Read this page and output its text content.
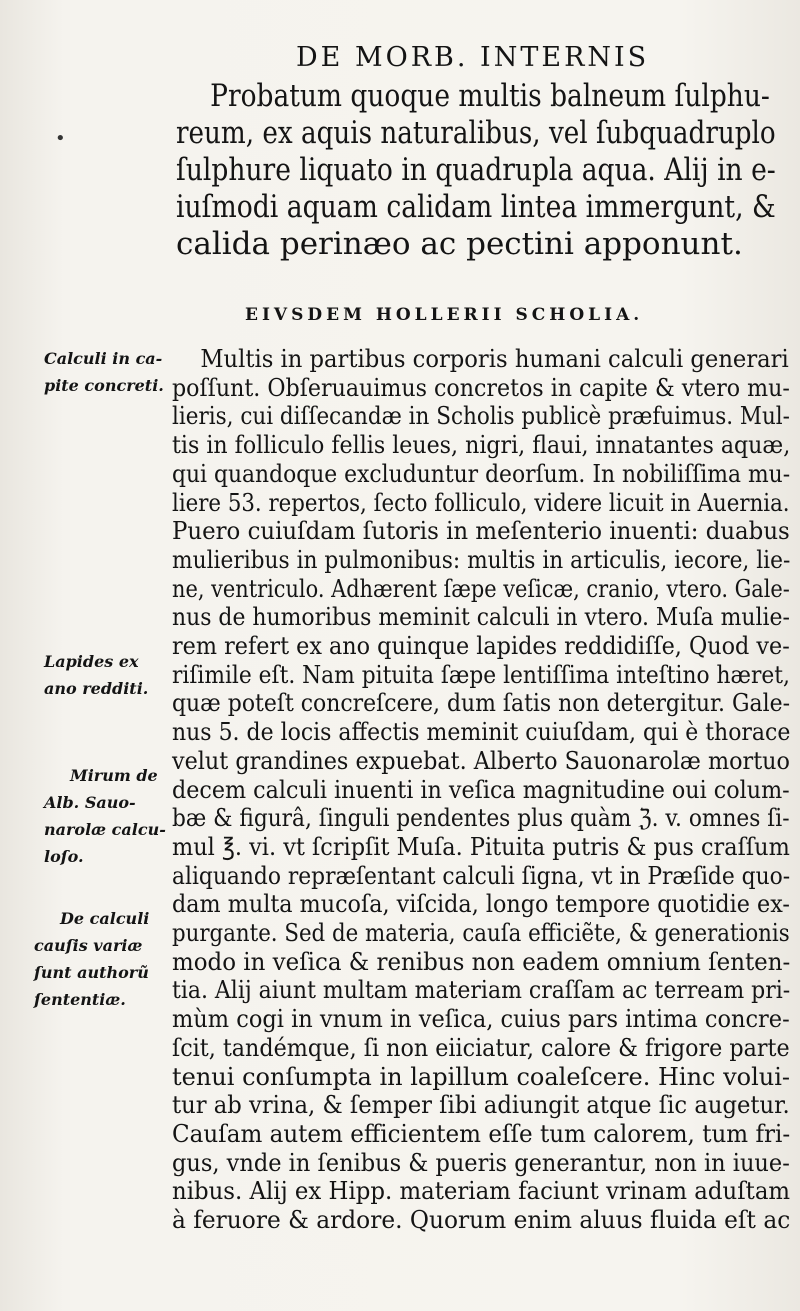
DE MORB. INTERNIS
•
Probatum quoque multis balneum ſulphu-
reum, ex aquis naturalibus, vel ſubquadruplo
ſulphure liquato in quadrupla aqua. Alij in e-
iuſmodi aquam calidam lintea immergunt, &
calida perinæo ac pectini apponunt.
EIVSDEM HOLLERII SCHOLIA.
Calculi in ca-
pite concreti.
Lapides ex
ano redditi.
Mirum de
Alb. Sauo-
narolæ calcu-
loſo.
De calculi
cauſis variæ
ſunt authorũ
ſententiæ.
Multis in partibus corporis humani calculi generari
poſſunt. Obſeruauimus concretos in capite & vtero mu-
lieris, cui diſſecandæ in Scholis publicè præfuimus. Mul-
tis in folliculo fellis leues, nigri, flaui, innatantes aquæ,
qui quandoque excluduntur deorſum. In nobiliſſima mu-
liere 53. repertos, ſecto folliculo, videre licuit in Auernia.
Puero cuiuſdam ſutoris in meſenterio inuenti: duabus
mulieribus in pulmonibus: multis in articulis, iecore, lie-
ne, ventriculo. Adhærent ſæpe veſicæ, cranio, vtero. Gale-
nus de humoribus meminit calculi in vtero. Muſa mulie-
rem refert ex ano quinque lapides reddidiſſe, Quod ve-
riſimile eſt. Nam pituita ſæpe lentiſſima inteſtino hæret,
quæ poteſt concreſcere, dum ſatis non detergitur. Gale-
nus 5. de locis affectis meminit cuiuſdam, qui è thorace
velut grandines expuebat. Alberto Sauonarolæ mortuo
decem calculi inuenti in veſica magnitudine oui colum-
bæ & figurâ, ſinguli pendentes plus quàm ℨ. v. omnes ſi-
mul ℥. vi. vt ſcripſit Muſa. Pituita putris & pus craſſum
aliquando repræſentant calculi ſigna, vt in Præſide quo-
dam multa mucoſa, viſcida, longo tempore quotidie ex-
purgante. Sed de materia, cauſa efficiẽte, & generationis
modo in veſica & renibus non eadem omnium ſenten-
tia. Alij aiunt multam materiam craſſam ac terream pri-
mùm cogi in vnum in veſica, cuius pars intima concre-
ſcit, tandémque, ſi non eiiciatur, calore & frigore parte
tenui conſumpta in lapillum coaleſcere. Hinc volui-
tur ab vrina, & ſemper ſibi adiungit atque ſic augetur.
Cauſam autem efficientem eſſe tum calorem, tum fri-
gus, vnde in ſenibus & pueris generantur, non in iuue-
nibus. Alij ex Hipp. materiam faciunt vrinam aduſtam
à feruore & ardore. Quorum enim aluus fluida eſt ac
